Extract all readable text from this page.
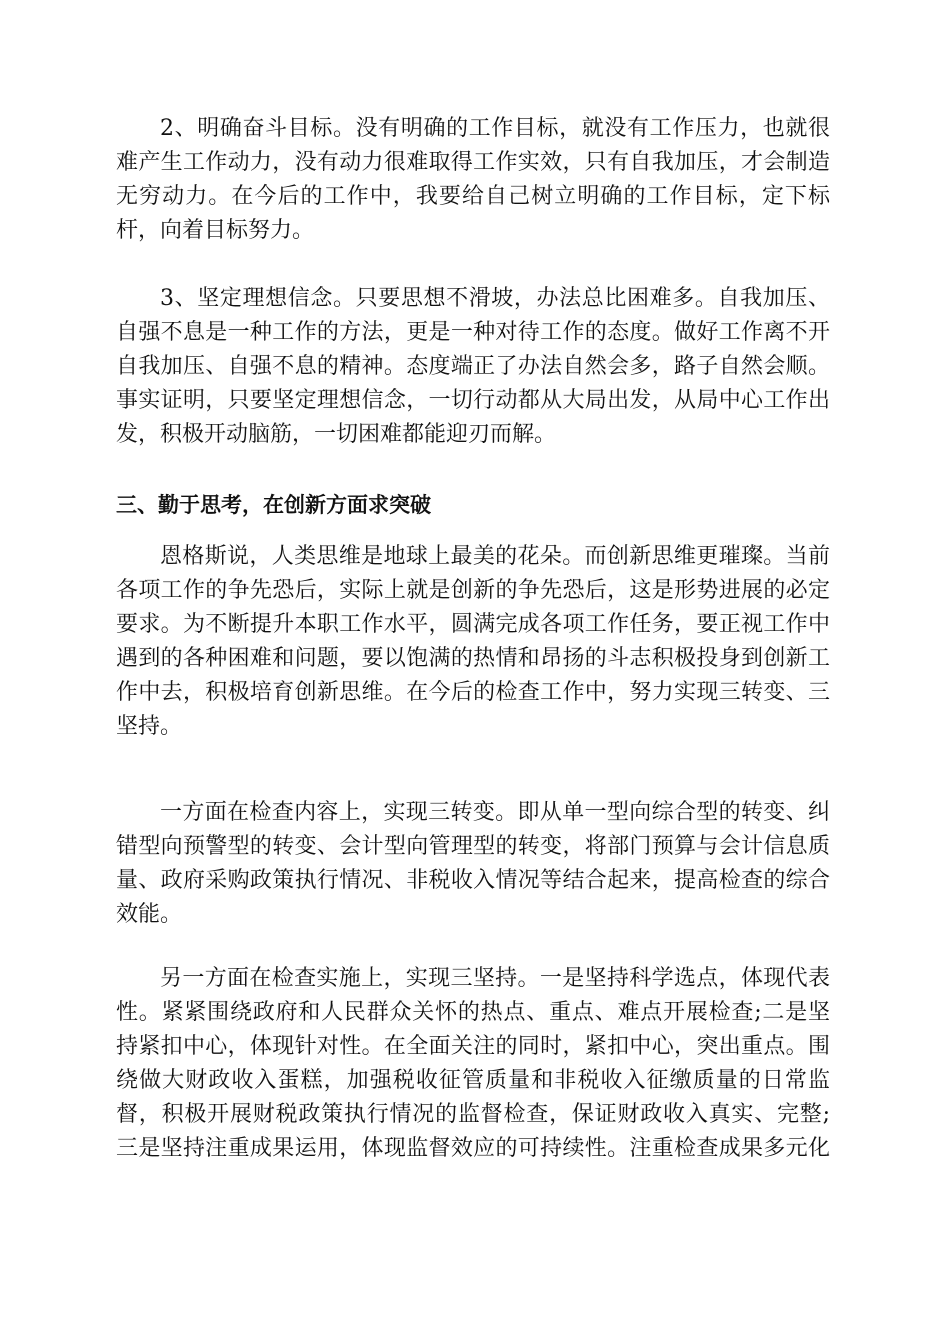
2、明确奋斗目标。没有明确的工作目标，就没有工作压力，也就很
难产生工作动力，没有动力很难取得工作实效，只有自我加压，才会制造
无穷动力。在今后的工作中，我要给自己树立明确的工作目标，定下标
杆，向着目标努力。
3、坚定理想信念。只要思想不滑坡，办法总比困难多。自我加压、
自强不息是一种工作的方法，更是一种对待工作的态度。做好工作离不开
自我加压、自强不息的精神。态度端正了办法自然会多，路子自然会顺。
事实证明，只要坚定理想信念，一切行动都从大局出发，从局中心工作出
发，积极开动脑筋，一切困难都能迎刃而解。
三、勤于思考，在创新方面求突破
恩格斯说，人类思维是地球上最美的花朵。而创新思维更璀璨。当前
各项工作的争先恐后，实际上就是创新的争先恐后，这是形势进展的必定
要求。为不断提升本职工作水平，圆满完成各项工作任务，要正视工作中
遇到的各种困难和问题，要以饱满的热情和昂扬的斗志积极投身到创新工
作中去，积极培育创新思维。在今后的检查工作中，努力实现三转变、三
坚持。
一方面在检查内容上，实现三转变。即从单一型向综合型的转变、纠
错型向预警型的转变、会计型向管理型的转变，将部门预算与会计信息质
量、政府采购政策执行情况、非税收入情况等结合起来，提高检查的综合
效能。
另一方面在检查实施上，实现三坚持。一是坚持科学选点，体现代表
性。紧紧围绕政府和人民群众关怀的热点、重点、难点开展检查;二是坚
持紧扣中心，体现针对性。在全面关注的同时，紧扣中心，突出重点。围
绕做大财政收入蛋糕，加强税收征管质量和非税收入征缴质量的日常监
督，积极开展财税政策执行情况的监督检查，保证财政收入真实、完整;
三是坚持注重成果运用，体现监督效应的可持续性。注重检查成果多元化
